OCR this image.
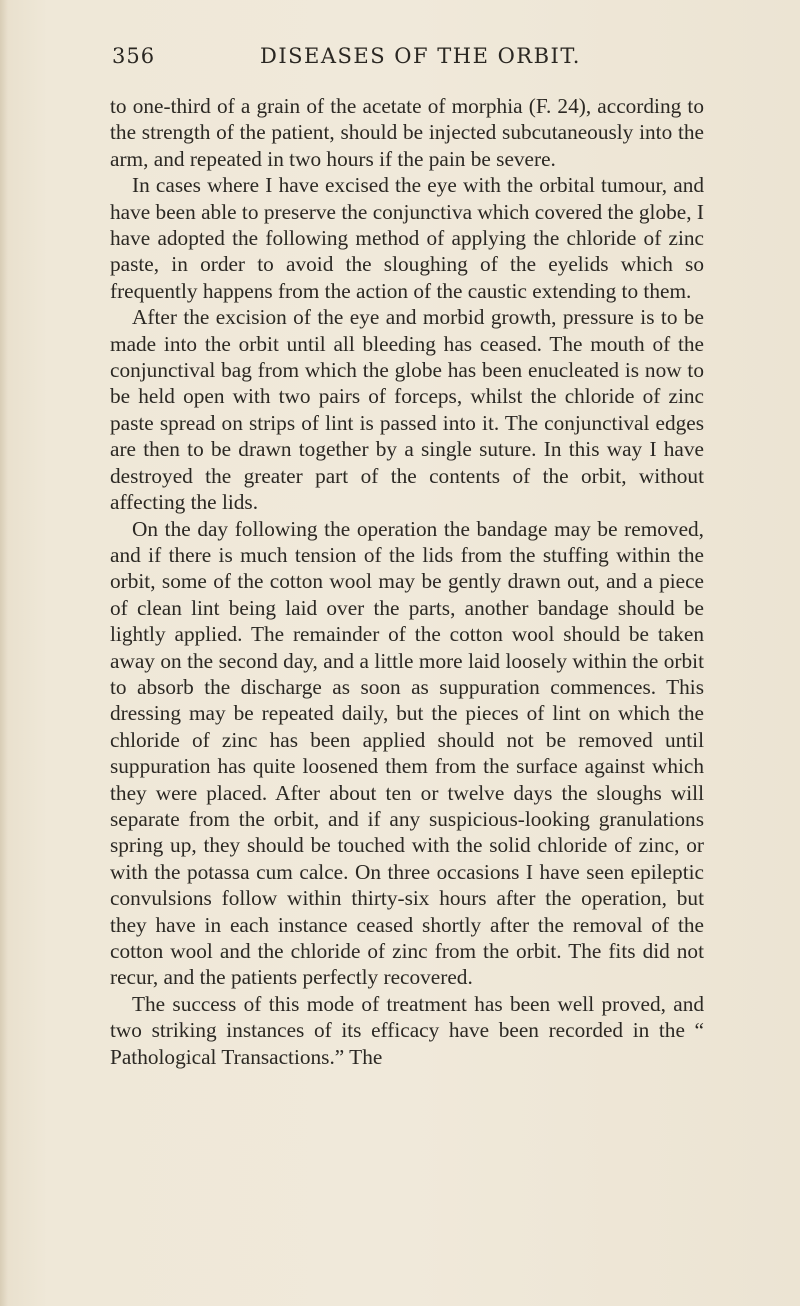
356	DISEASES OF THE ORBIT.

to one-third of a grain of the acetate of morphia (F. 24), according to the strength of the patient, should be injected subcutaneously into the arm, and repeated in two hours if the pain be severe.

In cases where I have excised the eye with the orbital tumour, and have been able to preserve the conjunctiva which covered the globe, I have adopted the following method of applying the chloride of zinc paste, in order to avoid the sloughing of the eyelids which so frequently happens from the action of the caustic extending to them.

After the excision of the eye and morbid growth, pressure is to be made into the orbit until all bleeding has ceased. The mouth of the conjunctival bag from which the globe has been enucleated is now to be held open with two pairs of forceps, whilst the chloride of zinc paste spread on strips of lint is passed into it. The conjunctival edges are then to be drawn together by a single suture. In this way I have destroyed the greater part of the contents of the orbit, without affecting the lids.

On the day following the operation the bandage may be removed, and if there is much tension of the lids from the stuffing within the orbit, some of the cotton wool may be gently drawn out, and a piece of clean lint being laid over the parts, another bandage should be lightly applied. The remainder of the cotton wool should be taken away on the second day, and a little more laid loosely within the orbit to absorb the discharge as soon as suppuration commences. This dressing may be repeated daily, but the pieces of lint on which the chloride of zinc has been applied should not be removed until suppuration has quite loosened them from the surface against which they were placed. After about ten or twelve days the sloughs will separate from the orbit, and if any suspicious-looking granulations spring up, they should be touched with the solid chloride of zinc, or with the potassa cum calce. On three occasions I have seen epileptic convulsions follow within thirty-six hours after the operation, but they have in each instance ceased shortly after the removal of the cotton wool and the chloride of zinc from the orbit. The fits did not recur, and the patients perfectly recovered.

The success of this mode of treatment has been well proved, and two striking instances of its efficacy have been recorded in the “ Pathological Transactions.” The
